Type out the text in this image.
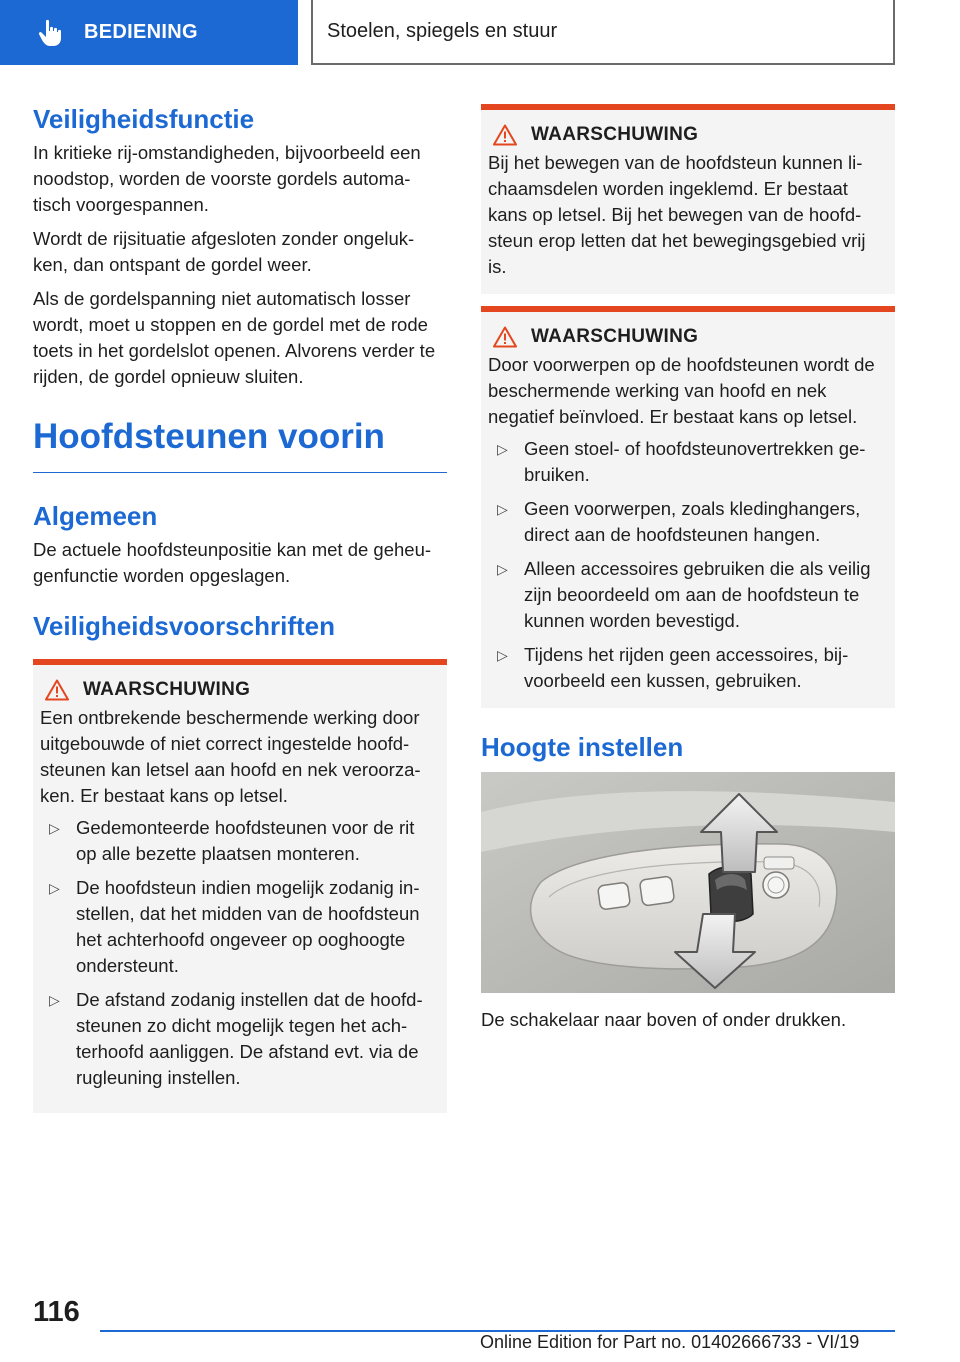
BEDIENING	Stoelen, spiegels en stuur
Veiligheidsfunctie

In kritieke rij-omstandigheden, bijvoorbeeld een noodstop, worden de voorste gordels automa‐tisch voorgespannen.

Wordt de rijsituatie afgesloten zonder ongeluk‐ken, dan ontspant de gordel weer.

Als de gordelspanning niet automatisch losser wordt, moet u stoppen en de gordel met de rode toets in het gordelslot openen. Alvorens verder te rijden, de gordel opnieuw sluiten.

Hoofdsteunen voorin
Algemeen

De actuele hoofdsteunpositie kan met de geheu‐genfunctie worden opgeslagen.

Veiligheidsvoorschriften
WAARSCHUWING

Een ontbrekende beschermende werking door uitgebouwde of niet correct ingestelde hoofd‐steunen kan letsel aan hoofd en nek veroorza‐ken. Er bestaat kans op letsel.

▷ Gedemonteerde hoofdsteunen voor de rit op alle bezette plaatsen monteren.
▷ De hoofdsteun indien mogelijk zodanig in‐stellen, dat het midden van de hoofdsteun het achterhoofd ongeveer op ooghoogte ondersteunt.
▷ De afstand zodanig instellen dat de hoofd‐steunen zo dicht mogelijk tegen het ach‐terhoofd aanliggen. De afstand evt. via de rugleuning instellen.
WAARSCHUWING

Bij het bewegen van de hoofdsteun kunnen li‐chaamsdelen worden ingeklemd. Er bestaat kans op letsel. Bij het bewegen van de hoofd‐steun erop letten dat het bewegingsgebied vrij is.

WAARSCHUWING

Door voorwerpen op de hoofdsteunen wordt de beschermende werking van hoofd en nek negatief beïnvloed. Er bestaat kans op letsel.

▷ Geen stoel- of hoofdsteunovertrekken ge‐bruiken.
▷ Geen voorwerpen, zoals kledinghangers, direct aan de hoofdsteunen hangen.
▷ Alleen accessoires gebruiken die als veilig zijn beoordeeld om aan de hoofdsteun te kunnen worden bevestigd.
▷ Tijdens het rijden geen accessoires, bij‐voorbeeld een kussen, gebruiken.
Hoogte instellen

De schakelaar naar boven of onder drukken.

116
Online Edition for Part no. 01402666733 - VI/19
